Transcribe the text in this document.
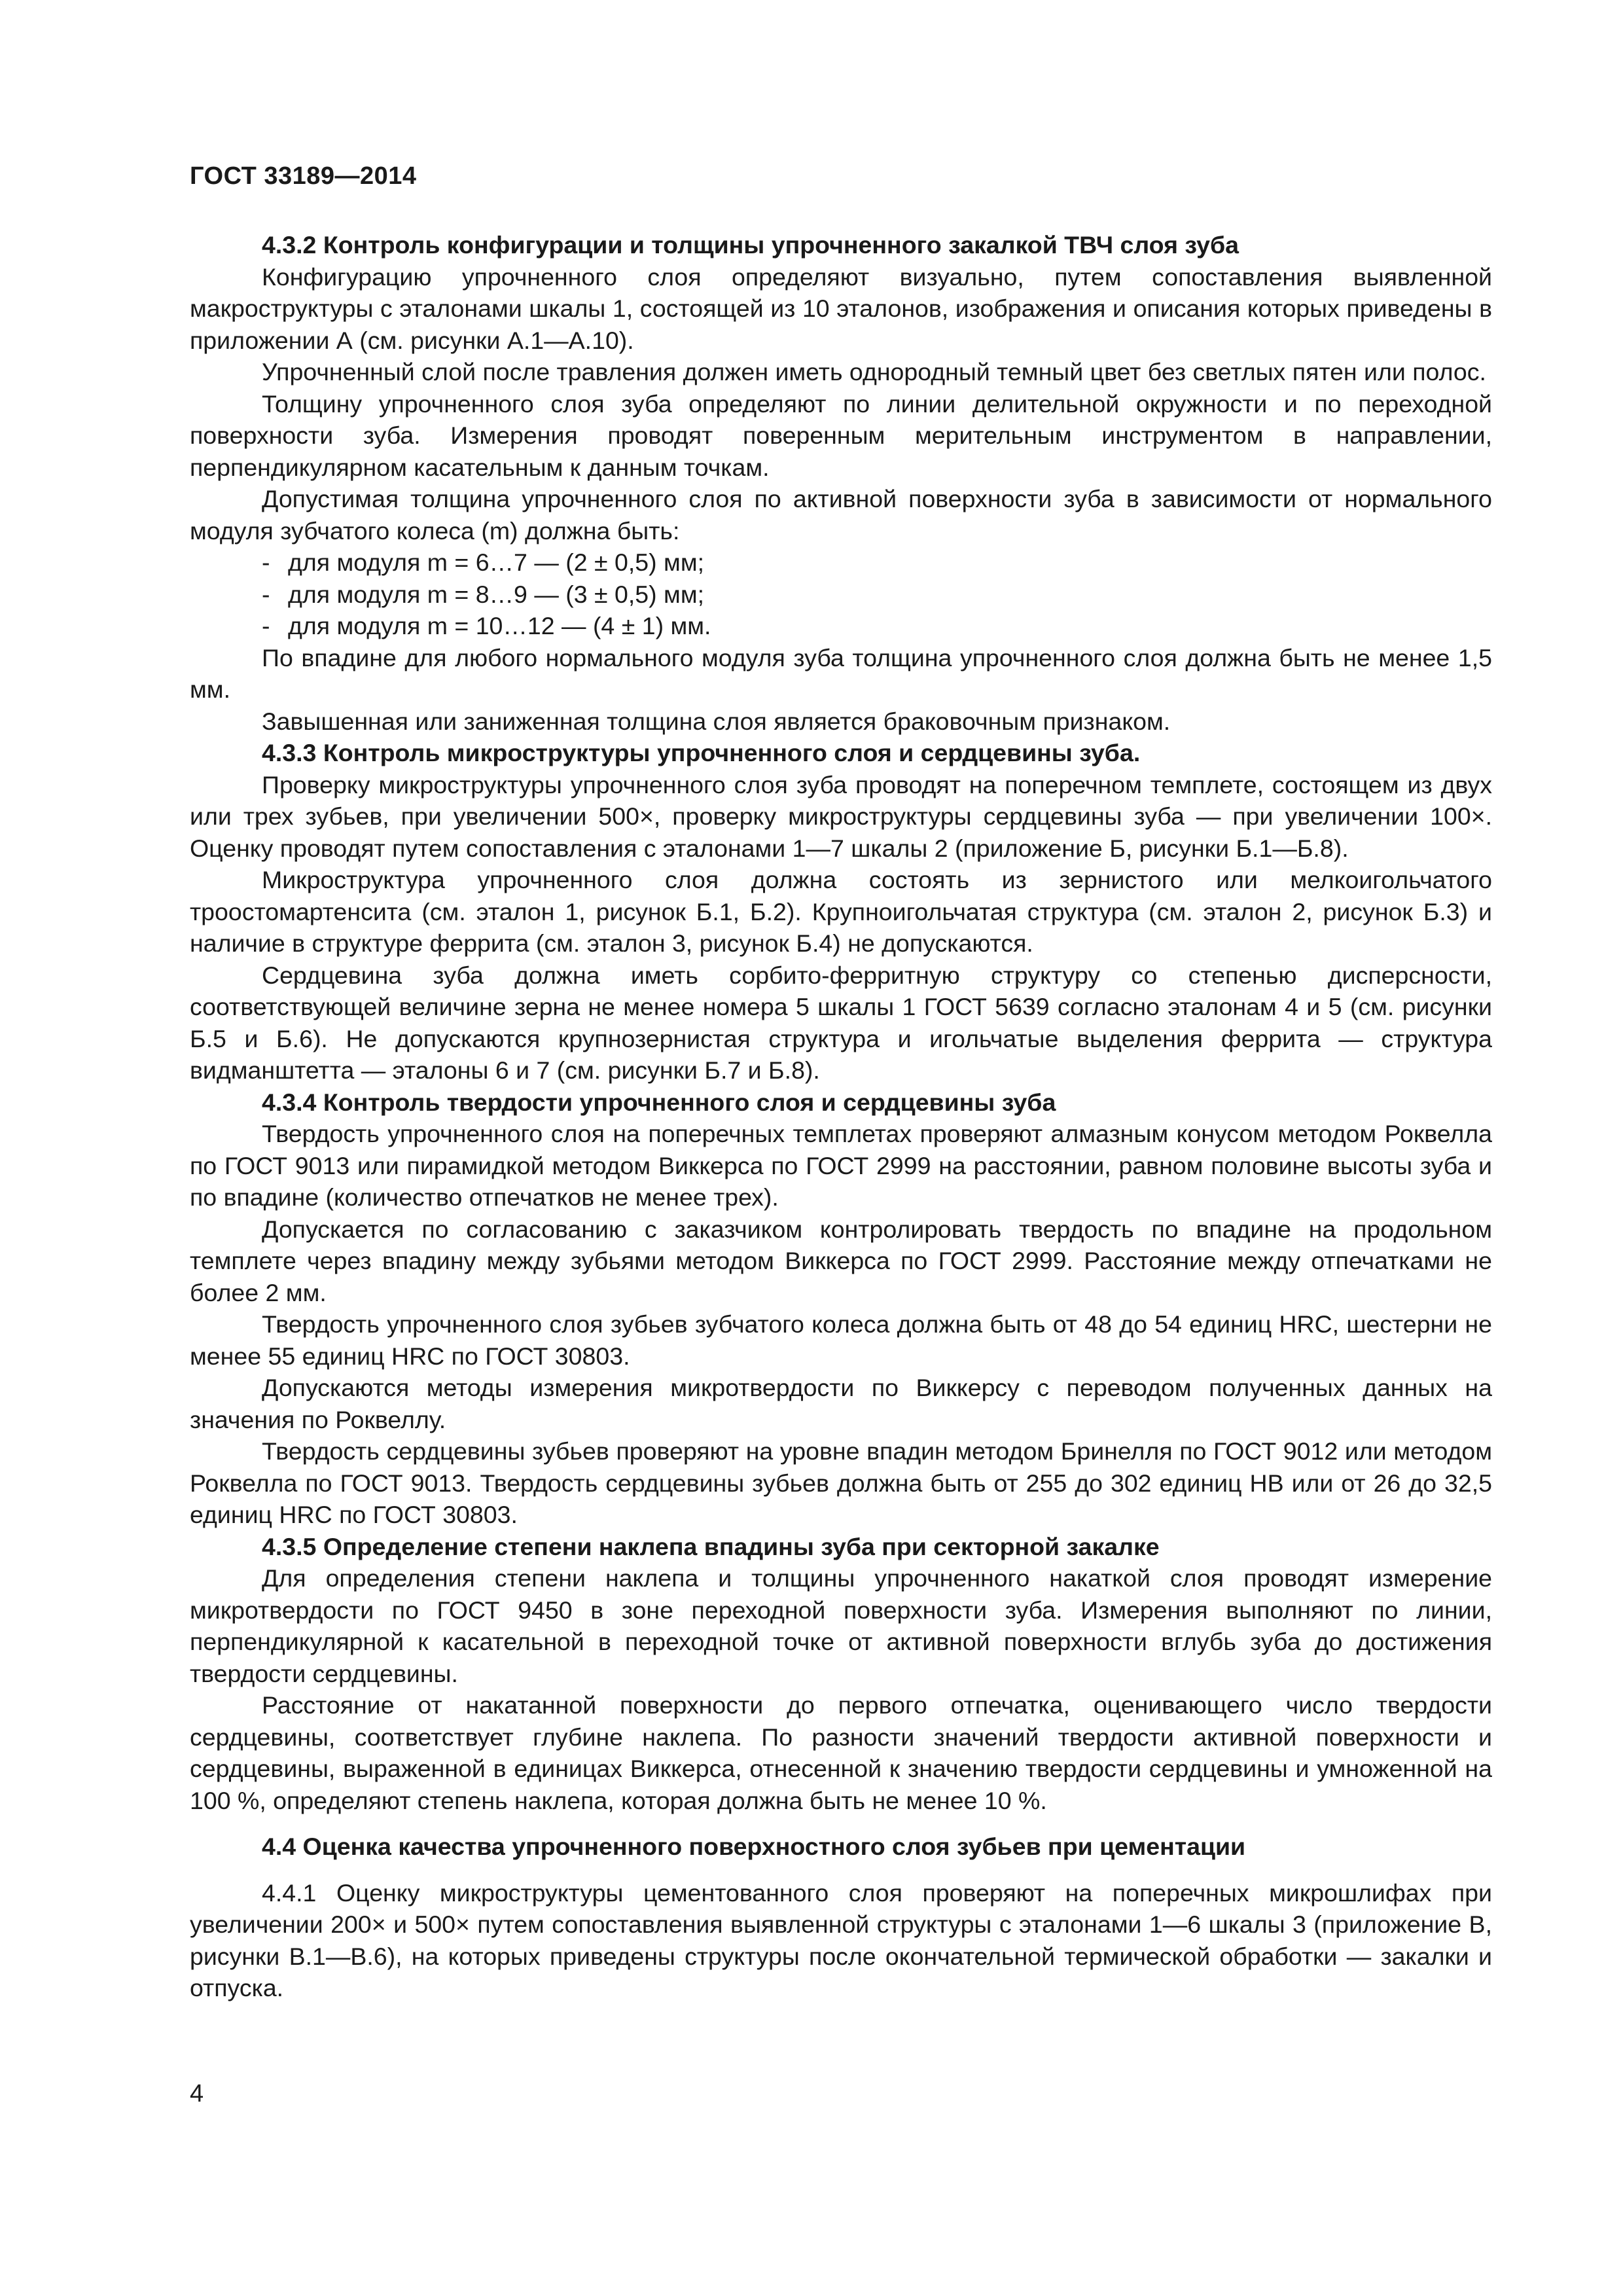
ГОСТ 33189—2014

4.3.2 Контроль конфигурации и толщины упрочненного закалкой ТВЧ слоя зуба

Конфигурацию упрочненного слоя определяют визуально, путем сопоставления выявленной макроструктуры с эталонами шкалы 1, состоящей из 10 эталонов, изображения и описания которых приведены в приложении А (см. рисунки А.1—А.10).

Упрочненный слой после травления должен иметь однородный темный цвет без светлых пятен или полос.

Толщину упрочненного слоя зуба определяют по линии делительной окружности и по переходной поверхности зуба. Измерения проводят поверенным мерительным инструментом в направлении, перпендикулярном касательным к данным точкам.

Допустимая толщина упрочненного слоя по активной поверхности зуба в зависимости от нормального модуля зубчатого колеса (m) должна быть:

- для модуля m = 6…7 — (2 ± 0,5) мм;

- для модуля m = 8…9 — (3 ± 0,5) мм;

- для модуля m = 10…12 — (4 ± 1) мм.

По впадине для любого нормального модуля зуба толщина упрочненного слоя должна быть не менее 1,5 мм.

Завышенная или заниженная толщина слоя является браковочным признаком.

4.3.3 Контроль микроструктуры упрочненного слоя и сердцевины зуба.

Проверку микроструктуры упрочненного слоя зуба проводят на поперечном темплете, состоящем из двух или трех зубьев, при увеличении 500×, проверку микроструктуры сердцевины зуба — при увеличении 100×. Оценку проводят путем сопоставления с эталонами 1—7 шкалы 2 (приложение Б, рисунки Б.1—Б.8).

Микроструктура упрочненного слоя должна состоять из зернистого или мелкоигольчатого троостомартенсита (см. эталон 1, рисунок Б.1, Б.2). Крупноигольчатая структура (см. эталон 2, рисунок Б.3) и наличие в структуре феррита (см. эталон 3, рисунок Б.4) не допускаются.

Сердцевина зуба должна иметь сорбито-ферритную структуру со степенью дисперсности, соответствующей величине зерна не менее номера 5 шкалы 1 ГОСТ 5639 согласно эталонам 4 и 5 (см. рисунки Б.5 и Б.6). Не допускаются крупнозернистая структура и игольчатые выделения феррита — структура видманштетта — эталоны 6 и 7 (см. рисунки Б.7 и Б.8).

4.3.4 Контроль твердости упрочненного слоя и сердцевины зуба

Твердость упрочненного слоя на поперечных темплетах проверяют алмазным конусом методом Роквелла по ГОСТ 9013 или пирамидкой методом Виккерса по ГОСТ 2999 на расстоянии, равном половине высоты зуба и по впадине (количество отпечатков не менее трех).

Допускается по согласованию с заказчиком контролировать твердость по впадине на продольном темплете через впадину между зубьями методом Виккерса по ГОСТ 2999. Расстояние между отпечатками не более 2 мм.

Твердость упрочненного слоя зубьев зубчатого колеса должна быть от 48 до 54 единиц HRC, шестерни не менее 55 единиц HRC по ГОСТ 30803.

Допускаются методы измерения микротвердости по Виккерсу с переводом полученных данных на значения по Роквеллу.

Твердость сердцевины зубьев проверяют на уровне впадин методом Бринелля по ГОСТ 9012 или методом Роквелла по ГОСТ 9013. Твердость сердцевины зубьев должна быть от 255 до 302 единиц НВ или от 26 до 32,5 единиц HRC по ГОСТ 30803.

4.3.5 Определение степени наклепа впадины зуба при секторной закалке

Для определения степени наклепа и толщины упрочненного накаткой слоя проводят измерение микротвердости по ГОСТ 9450 в зоне переходной поверхности зуба. Измерения выполняют по линии, перпендикулярной к касательной в переходной точке от активной поверхности вглубь зуба до достижения твердости сердцевины.

Расстояние от накатанной поверхности до первого отпечатка, оценивающего число твердости сердцевины, соответствует глубине наклепа. По разности значений твердости активной поверхности и сердцевины, выраженной в единицах Виккерса, отнесенной к значению твердости сердцевины и умноженной на 100 %, определяют степень наклепа, которая должна быть не менее 10 %.

4.4 Оценка качества упрочненного поверхностного слоя зубьев при цементации

4.4.1 Оценку микроструктуры цементованного слоя проверяют на поперечных микрошлифах при увеличении 200× и 500× путем сопоставления выявленной структуры с эталонами 1—6 шкалы 3 (приложение В, рисунки В.1—В.6), на которых приведены структуры после окончательной термической обработки — закалки и отпуска.

4
